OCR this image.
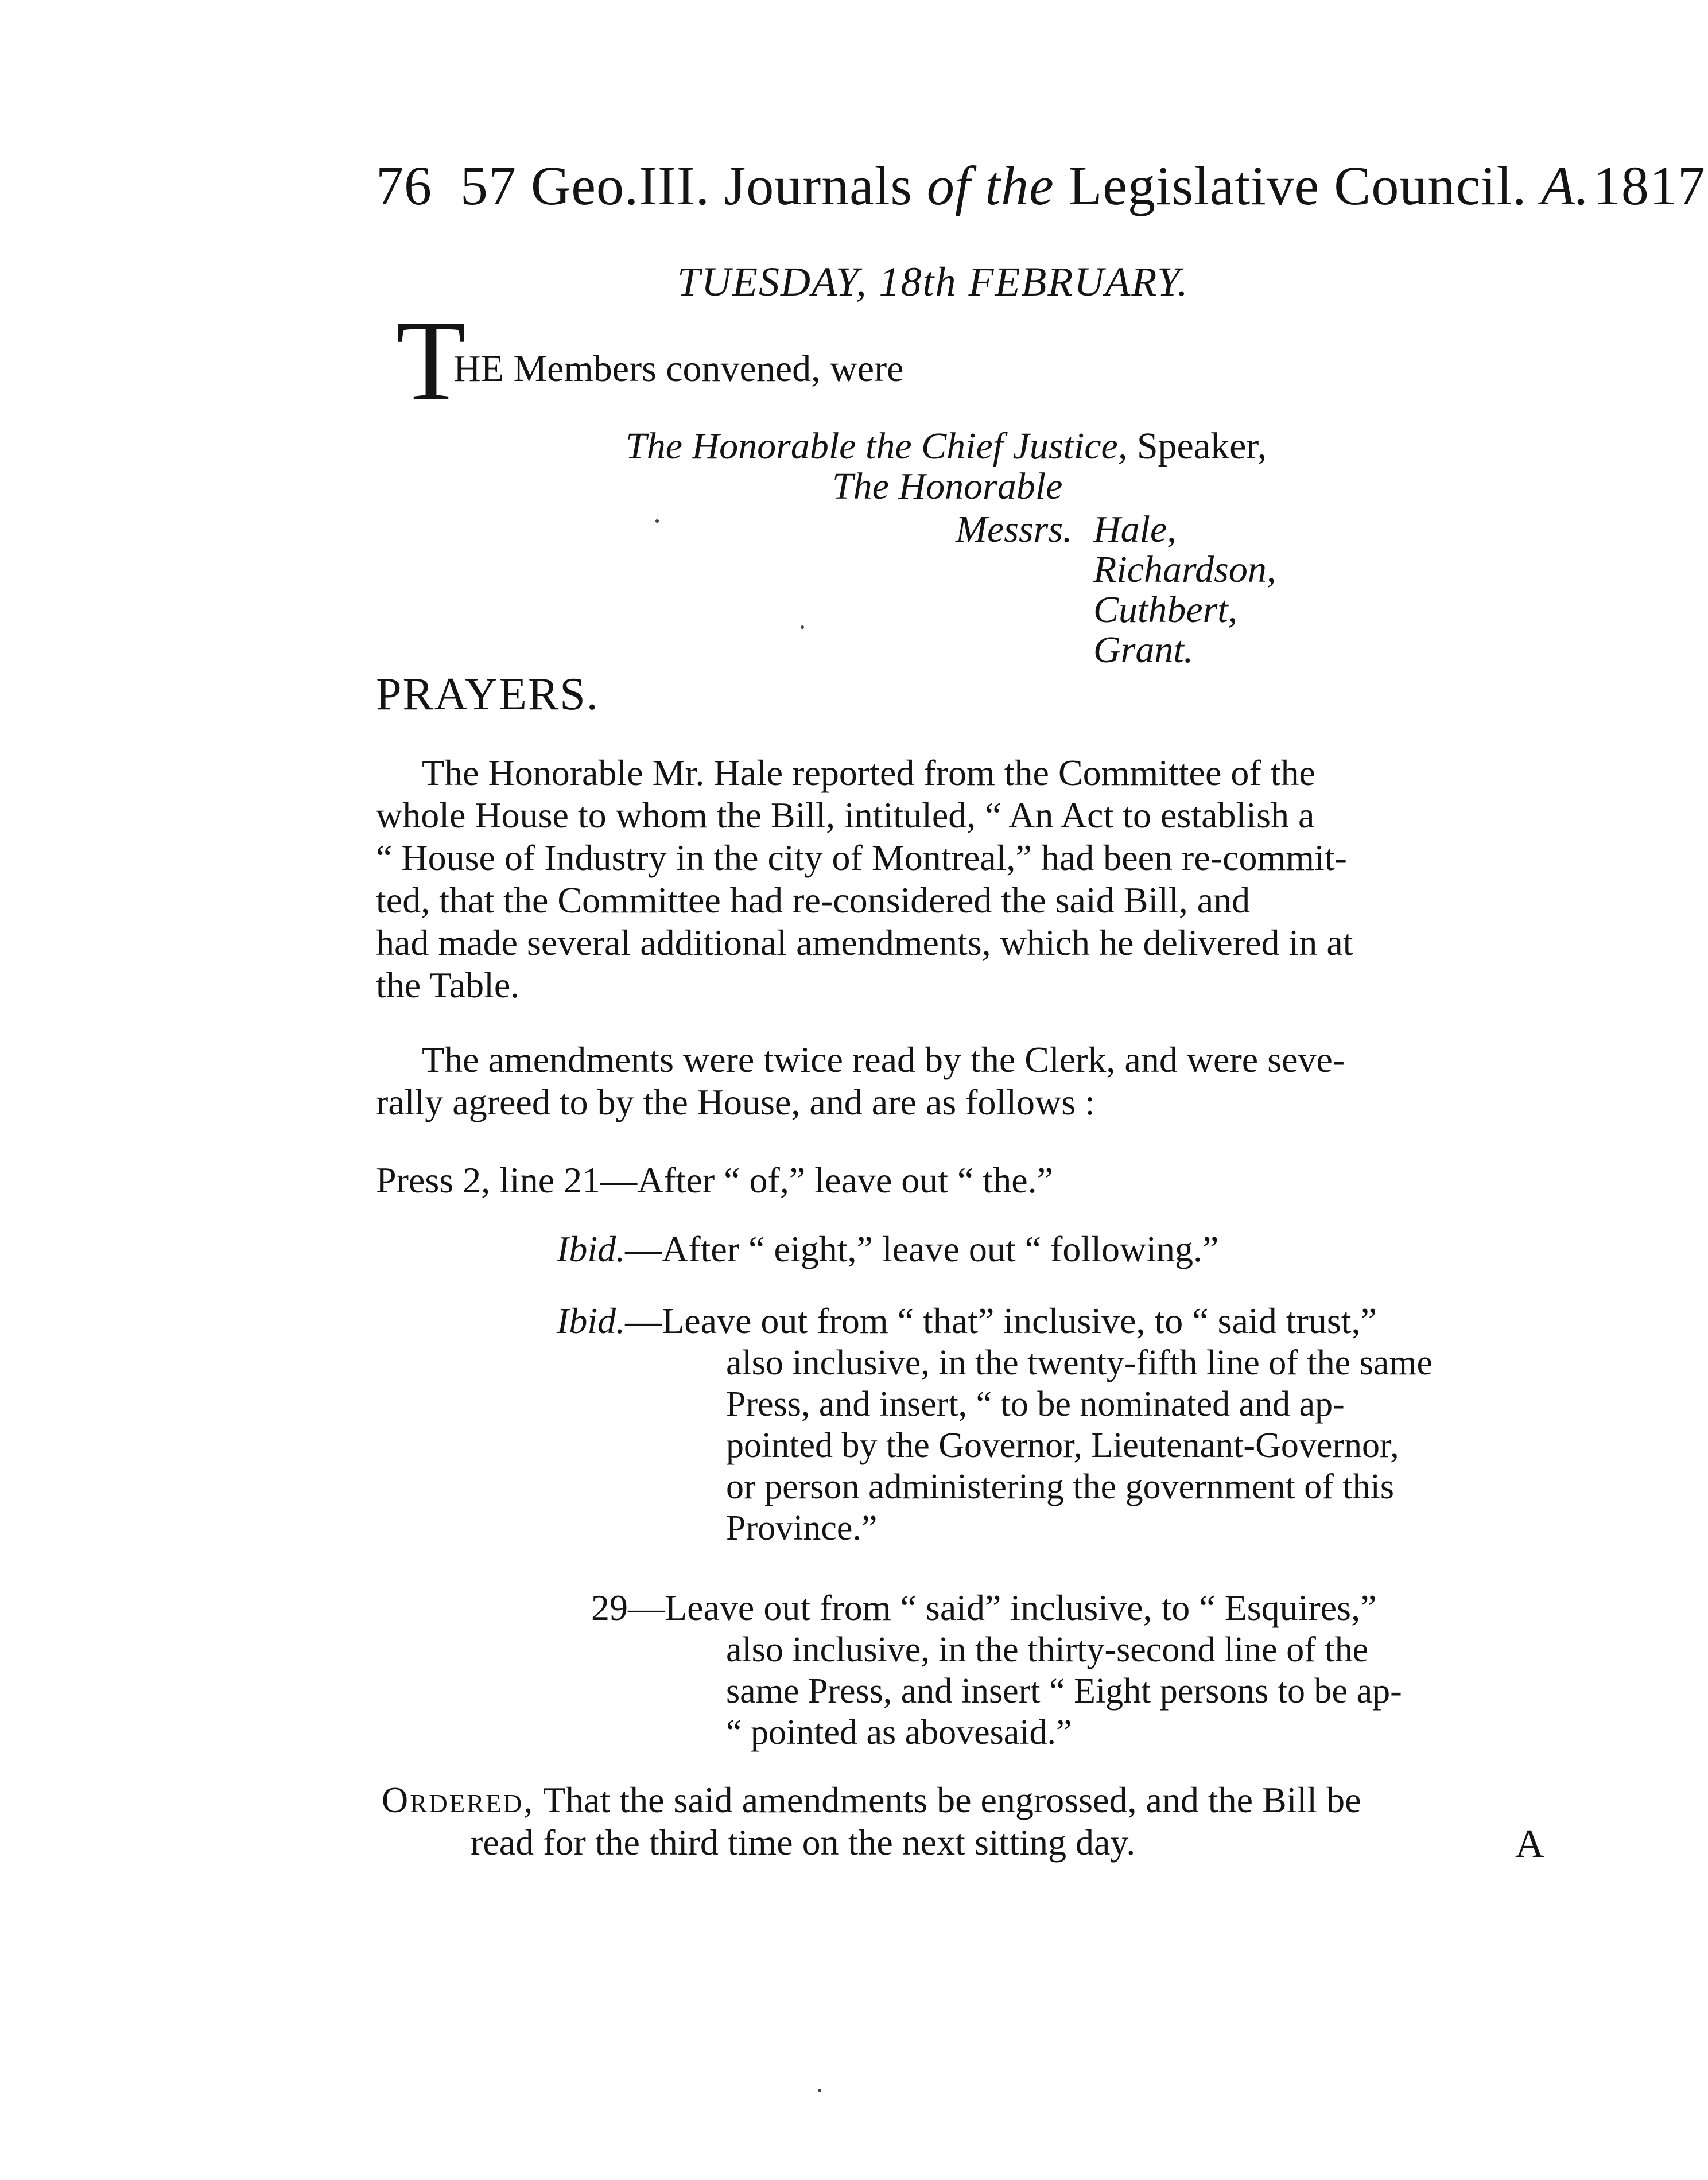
76 57 Geo.III. Journals of the Legislative Council. A.1817
TUESDAY, 18th FEBRUARY.
T
HE Members convened, were
The Honorable the Chief Justice, Speaker,
The Honorable
Messrs. Hale,
Richardson,
Cuthbert,
Grant.
PRAYERS.

The Honorable Mr. Hale reported from the Committee of the

whole House to whom the Bill, intituled, “ An Act to establish a

“ House of Industry in the city of Montreal,” had been re-commit-

ted, that the Committee had re-considered the said Bill, and

had made several additional amendments, which he delivered in at

the Table.

The amendments were twice read by the Clerk, and were seve-

rally agreed to by the House, and are as follows :

Press 2, line 21—After “ of,” leave out “ the.”
Ibid.—After “ eight,” leave out “ following.”
Ibid.—Leave out from “ that” inclusive, to “ said trust,”
also inclusive, in the twenty-fifth line of the same
Press, and insert, “ to be nominated and ap-
pointed by the Governor, Lieutenant-Governor,
or person administering the government of this
Province.”
29—Leave out from “ said” inclusive, to “ Esquires,”
also inclusive, in the thirty-second line of the
same Press, and insert “ Eight persons to be ap-
“ pointed as abovesaid.”
Ordered, That the said amendments be engrossed, and the Bill be
read for the third time on the next sitting day.	A
